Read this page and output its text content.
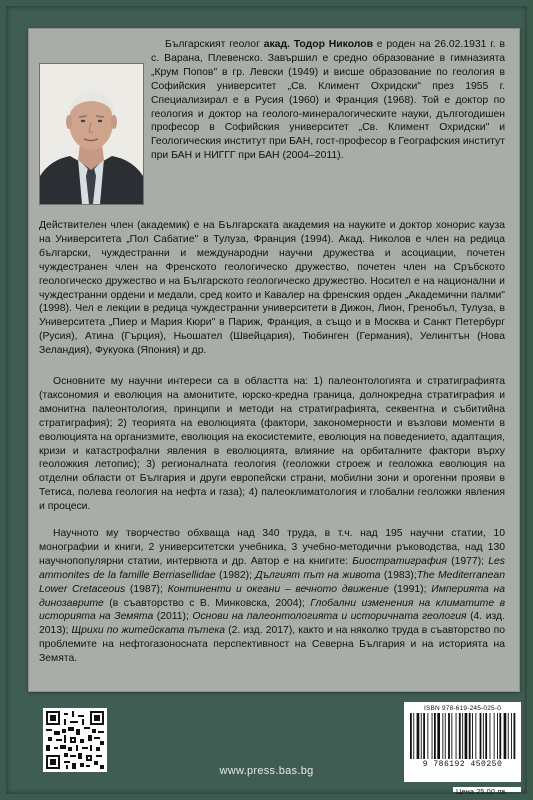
Българският геолог акад. Тодор Николов е роден на 26.02.1931 г. в с. Варана, Плевенско. Завършил е средно образование в гимназията „Крум Попов" в гр. Левски (1949) и висше образование по геология в Софийския университет „Св. Климент Охридски" през 1955 г. Специализирал е в Русия (1960) и Франция (1968). Той е доктор по геология и доктор на геолого-минералогическите науки, дългогодишен професор в Софийския университет „Св. Климент Охридски" и Геологическия институт при БАН, гост-професор в Географския институт при БАН и НИГГГ при БАН (2004–2011).
Действителен член (академик) е на Българската академия на науките и доктор хонорис кауза на Университета „Пол Сабатие" в Тулуза, Франция (1994). Акад. Николов е член на редица български, чуждестранни и международни научни дружества и асоциации, почетен чуждестранен член на Френското геологическо дружество, почетен член на Сръбското геологическо дружество и на Българското геологическо дружество. Носител е на национални и чуждестранни ордени и медали, сред които и Кавалер на френския орден „Академични палми" (1998). Чел е лекции в редица чуждестранни университети в Дижон, Лион, Гренобъл, Тулуза, в Университета „Пиер и Мария Кюри" в Париж, Франция, а също и в Москва и Санкт Петербург (Русия), Атина (Гърция), Ньошател (Швейцария), Тюбинген (Германия), Уелингтън (Нова Зеландия), Фукуока (Япония) и др.
Основните му научни интереси са в областта на: 1) палеонтологията и стратиграфията (таксономия и еволюция на амонитите, юрско-кредна граница, долнокредна стратиграфия и амонитна палеонтология, принципи и методи на стратиграфията, секвентна и събитийна стратиграфия); 2) теорията на еволюцията (фактори, закономерности и възлови моменти в еволюцията на организмите, еволюция на екосистемите, еволюция на поведението, адаптация, кризи и катастрофални явления в еволюцията, влияние на орбиталните фактори върху геоложкия летопис); 3) регионалната геология (геоложки строеж и геоложка еволюция на отделни области от България и други европейски страни, мобилни зони и орогенни прояви в Тетиса, полева геология на нефта и газа); 4) палеоклиматология и глобални геоложки явления и процеси.
Научното му творчество обхваща над 340 труда, в т.ч. над 195 научни статии, 10 монографии и книги, 2 университетски учебника, 3 учебно-методични ръководства, над 130 научнопопулярни статии, интервюта и др. Автор е на книгите: Биостратиграфия (1977); Les ammonites de la famille Berriasellidae (1982); Дългият път на живота (1983);The Mediterranean Lower Cretaceous (1987); Континенти и океани – вечното движение (1991); Империята на динозаврите (в съавторство с В. Минковска, 2004); Глобални изменения на климатите в историята на Земята (2011); Основи на палеонтологията и историчната геология (4. изд. 2013); Щрихи по житейската пътека (2. изд. 2017), както и на няколко труда в съавторство по проблемите на нефтогазоносната перспективност на Северна България и на историята на Земята.
www.press.bas.bg
ISBN 978-619-245-025-0
9 786192 450250
Цена 25,00 лв.
